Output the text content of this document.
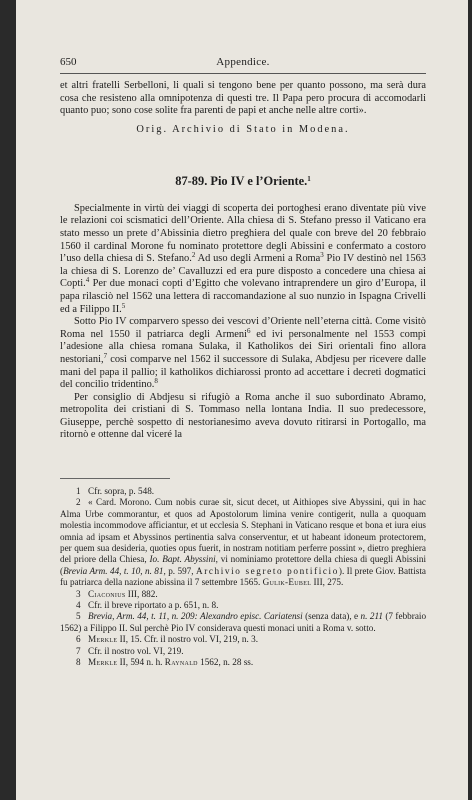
650	Appendice.

et altri fratelli Serbelloni, li quali si tengono bene per quanto possono, ma serà dura cosa che resisteno alla omnipotenza di questi tre. Il Papa pero procura di accomodarli quanto puo; sono cose solite fra parenti de papi et anche nelle altre corti».

Orig. Archivio di Stato in Modena.
87-89. Pio IV e l’Oriente.$^1$

Specialmente in virtù dei viaggi di scoperta dei portoghesi erano diventate più vive le relazioni coi scismatici dell’Oriente. Alla chiesa di S. Stefano presso il Vaticano era stato messo un prete d’Abissinia dietro preghiera del quale con breve del 20 febbraio 1560 il cardinal Morone fu nominato protettore degli Abissini e confermato a costoro l’uso della chiesa di S. Stefano.$^2$ Ad uso degli Armeni a Roma$^3$ Pio IV destinò nel 1563 la chiesa di S. Lorenzo de’ Cavalluzzi ed era pure disposto a concedere una chiesa ai Copti.$^4$ Per due monaci copti d’Egitto che volevano intraprendere un giro d’Europa, il papa rilasciò nel 1562 una lettera di raccomandazione al suo nunzio in Ispagna Crivelli ed a Filippo II.$^5$

Sotto Pio IV comparvero spesso dei vescovi d’Oriente nell’eterna città. Come visitò Roma nel 1550 il patriarca degli Armeni$^6$ ed ivi personalmente nel 1553 compì l’adesione alla chiesa romana Sulaka, il Katholikos dei Siri orientali fino allora nestoriani,$^7$ così comparve nel 1562 il successore di Sulaka, Abdjesu per ricevere dalle mani del papa il pallio; il katholikos dichiarossi pronto ad accettare i decreti dogmatici del concilio tridentino.$^8$

Per consiglio di Abdjesu si rifugiò a Roma anche il suo subordinato Abramo, metropolita dei cristiani di S. Tommaso nella lontana India. Il suo predecessore, Giuseppe, perchè sospetto di nestorianesimo aveva dovuto ritirarsi in Portogallo, ma ritornò e ottenne dal viceré la

1 Cfr. sopra, p. 548.

2 « Card. Morono. Cum nobis curae sit, sicut decet, ut Aithiopes sive Abyssini, qui in hac Alma Urbe commorantur, et quos ad Apostolorum limina venire contigerit, nulla a quoquam molestia incommodove afficiantur, et ut ecclesia S. Stephani in Vaticano resque et bona et iura eius omnia ad ipsam et Abyssinos pertinentia salva conserventur, et ut habeant idoneum protectorem, per quem sua desideria, quoties opus fuerit, in nostram notitiam perferre possint », dietro preghiera del priore della Chiesa, Io. Bapt. Abyssini, vi nominiamo protettore della chiesa di quegli Abissini (Brevia Arm. 44, t. 10, n. 81, p. 597, Archivio segreto pontificio). Il prete Giov. Battista fu patriarca della nazione abissina il 7 settembre 1565. Gulik-Eubel III, 275.

3 Ciaconius III, 882.

4 Cfr. il breve riportato a p. 651, n. 8.

5 Brevia, Arm. 44, t. 11, n. 209: Alexandro episc. Cariatensi (senza data), e n. 211 (7 febbraio 1562) a Filippo II. Sul perchè Pio IV considerava questi monaci uniti a Roma v. sotto.

6 Merkle II, 15. Cfr. il nostro vol. VI, 219, n. 3.

7 Cfr. il nostro vol. VI, 219.

8 Merkle II, 594 n. h. Raynald 1562, n. 28 ss.
